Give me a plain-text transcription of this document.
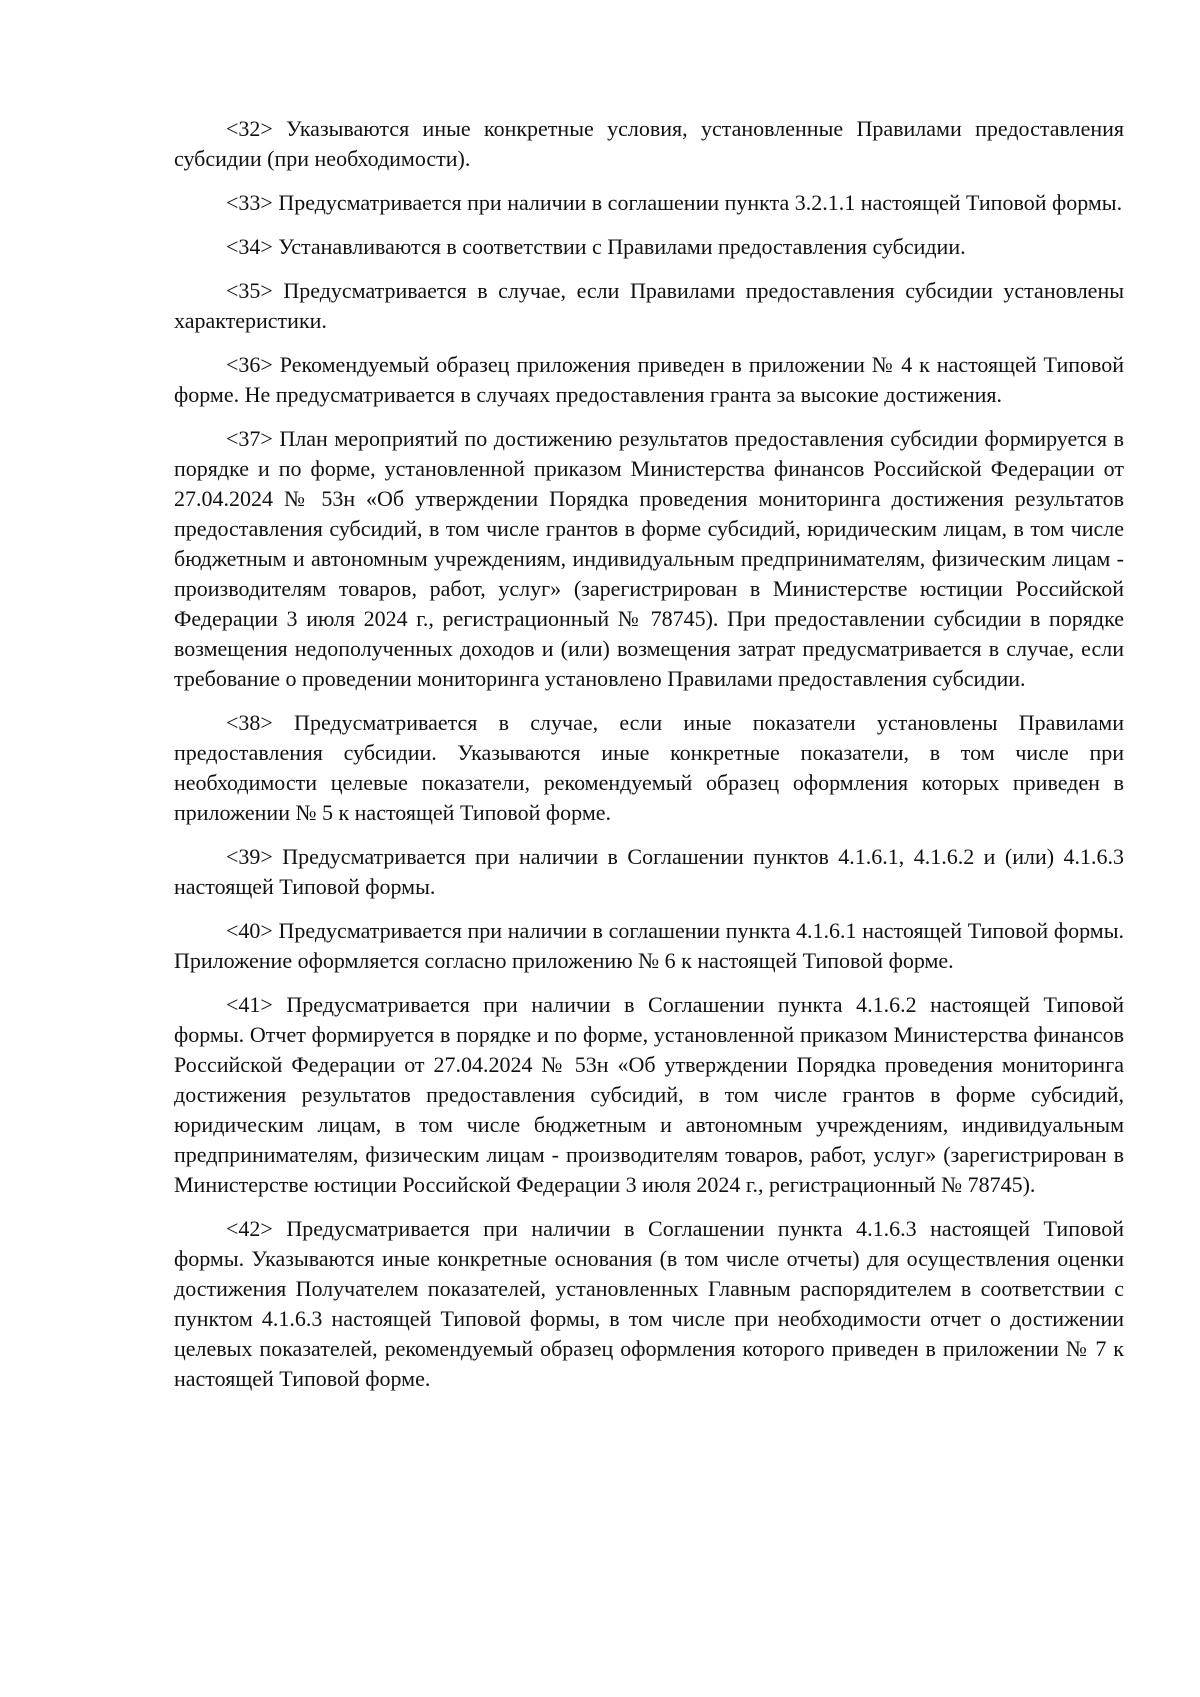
<32> Указываются иные конкретные условия, установленные Правилами предоставления субсидии (при необходимости).

<33> Предусматривается при наличии в соглашении пункта 3.2.1.1 настоящей Типовой формы.

<34> Устанавливаются в соответствии с Правилами предоставления субсидии.

<35> Предусматривается в случае, если Правилами предоставления субсидии установлены характеристики.

<36> Рекомендуемый образец приложения приведен в приложении № 4 к настоящей Типовой форме. Не предусматривается в случаях предоставления гранта за высокие достижения.

<37> План мероприятий по достижению результатов предоставления субсидии формируется в порядке и по форме, установленной приказом Министерства финансов Российской Федерации от 27.04.2024 № 53н «Об утверждении Порядка проведения мониторинга достижения результатов предоставления субсидий, в том числе грантов в форме субсидий, юридическим лицам, в том числе бюджетным и автономным учреждениям, индивидуальным предпринимателям, физическим лицам - производителям товаров, работ, услуг» (зарегистрирован в Министерстве юстиции Российской Федерации 3 июля 2024 г., регистрационный № 78745). При предоставлении субсидии в порядке возмещения недополученных доходов и (или) возмещения затрат предусматривается в случае, если требование о проведении мониторинга установлено Правилами предоставления субсидии.

<38> Предусматривается в случае, если иные показатели установлены Правилами предоставления субсидии. Указываются иные конкретные показатели, в том числе при необходимости целевые показатели, рекомендуемый образец оформления которых приведен в приложении № 5 к настоящей Типовой форме.

<39> Предусматривается при наличии в Соглашении пунктов 4.1.6.1, 4.1.6.2 и (или) 4.1.6.3 настоящей Типовой формы.

<40> Предусматривается при наличии в соглашении пункта 4.1.6.1 настоящей Типовой формы. Приложение оформляется согласно приложению № 6 к настоящей Типовой форме.

<41> Предусматривается при наличии в Соглашении пункта 4.1.6.2 настоящей Типовой формы. Отчет формируется в порядке и по форме, установленной приказом Министерства финансов Российской Федерации от 27.04.2024 № 53н «Об утверждении Порядка проведения мониторинга достижения результатов предоставления субсидий, в том числе грантов в форме субсидий, юридическим лицам, в том числе бюджетным и автономным учреждениям, индивидуальным предпринимателям, физическим лицам - производителям товаров, работ, услуг» (зарегистрирован в Министерстве юстиции Российской Федерации 3 июля 2024 г., регистрационный № 78745).

<42> Предусматривается при наличии в Соглашении пункта 4.1.6.3 настоящей Типовой формы. Указываются иные конкретные основания (в том числе отчеты) для осуществления оценки достижения Получателем показателей, установленных Главным распорядителем в соответствии с пунктом 4.1.6.3 настоящей Типовой формы, в том числе при необходимости отчет о достижении целевых показателей, рекомендуемый образец оформления которого приведен в приложении № 7 к настоящей Типовой форме.
